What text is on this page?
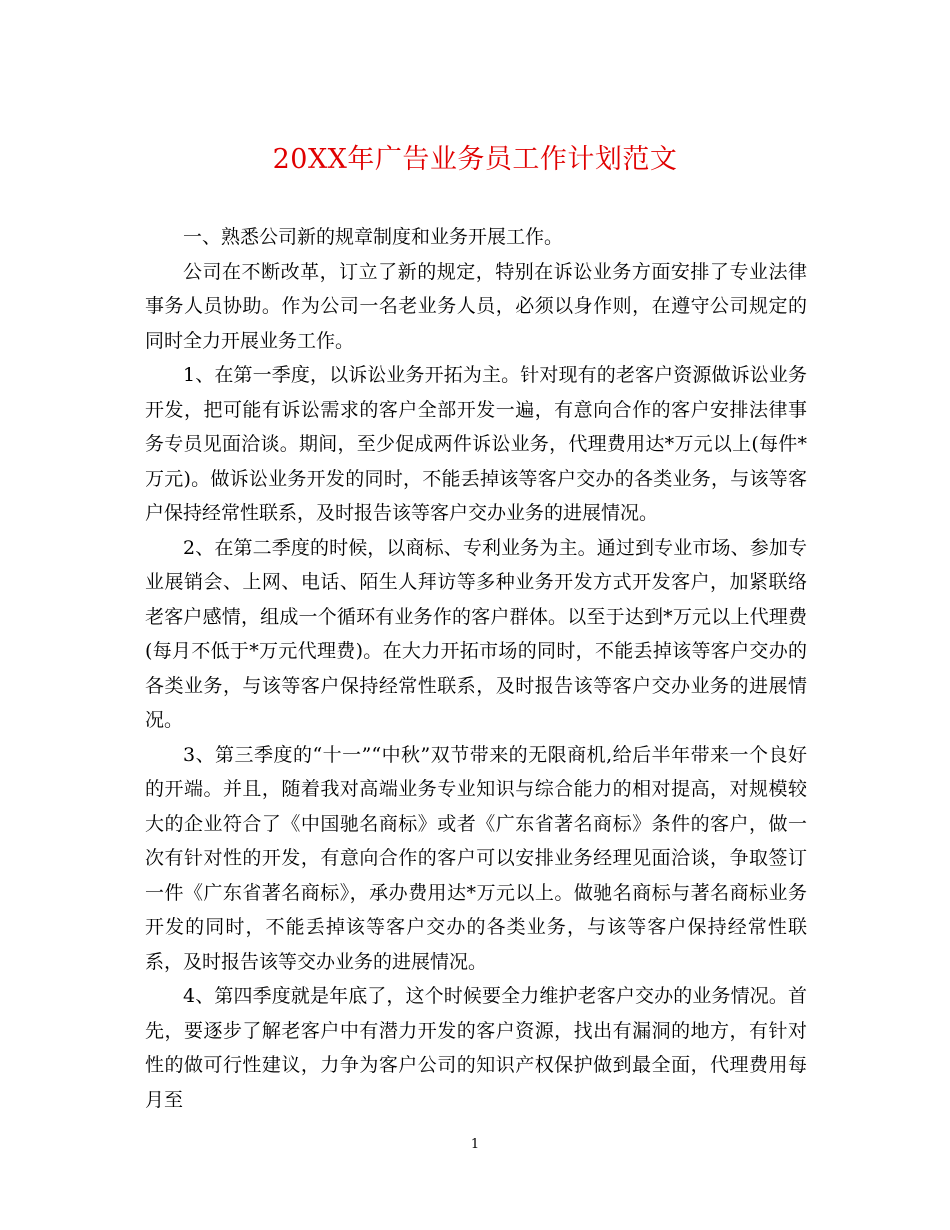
20XX年广告业务员工作计划范文

一、熟悉公司新的规章制度和业务开展工作。

公司在不断改革，订立了新的规定，特别在诉讼业务方面安排了专业法律事务人员协助。作为公司一名老业务人员，必须以身作则，在遵守公司规定的同时全力开展业务工作。

1、在第一季度，以诉讼业务开拓为主。针对现有的老客户资源做诉讼业务开发，把可能有诉讼需求的客户全部开发一遍，有意向合作的客户安排法律事务专员见面洽谈。期间，至少促成两件诉讼业务，代理费用达*万元以上(每件*万元)。做诉讼业务开发的同时，不能丢掉该等客户交办的各类业务，与该等客户保持经常性联系，及时报告该等客户交办业务的进展情况。

2、在第二季度的时候，以商标、专利业务为主。通过到专业市场、参加专业展销会、上网、电话、陌生人拜访等多种业务开发方式开发客户，加紧联络老客户感情，组成一个循环有业务作的客户群体。以至于达到*万元以上代理费(每月不低于*万元代理费)。在大力开拓市场的同时，不能丢掉该等客户交办的各类业务，与该等客户保持经常性联系，及时报告该等客户交办业务的进展情况。

3、第三季度的“十一”“中秋”双节带来的无限商机,给后半年带来一个良好的开端。并且，随着我对高端业务专业知识与综合能力的相对提高，对规模较大的企业符合了《中国驰名商标》或者《广东省著名商标》条件的客户，做一次有针对性的开发，有意向合作的客户可以安排业务经理见面洽谈，争取签订一件《广东省著名商标》，承办费用达*万元以上。做驰名商标与著名商标业务开发的同时，不能丢掉该等客户交办的各类业务，与该等客户保持经常性联系，及时报告该等交办业务的进展情况。

4、第四季度就是年底了，这个时候要全力维护老客户交办的业务情况。首先，要逐步了解老客户中有潜力开发的客户资源，找出有漏洞的地方，有针对性的做可行性建议，力争为客户公司的知识产权保护做到最全面，代理费用每月至

1
